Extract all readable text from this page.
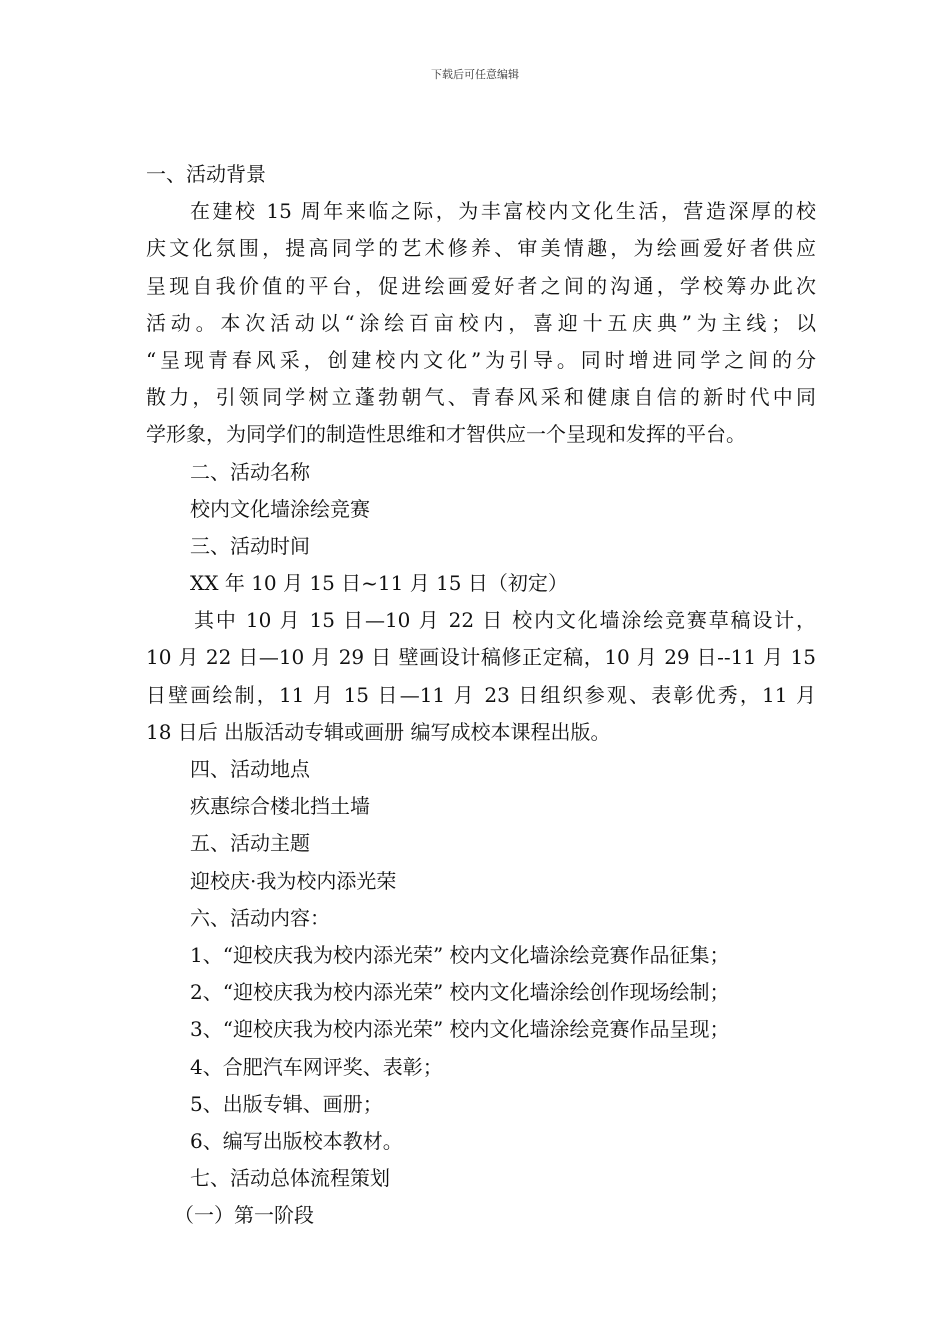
下载后可任意编辑
一、活动背景
在建校 15 周年来临之际，为丰富校内文化生活，营造深厚的校
庆文化氛围，提高同学的艺术修养、审美情趣，为绘画爱好者供应
呈现自我价值的平台，促进绘画爱好者之间的沟通，学校筹办此次
活动。本次活动以“涂绘百亩校内，喜迎十五庆典”为主线；以
“呈现青春风采，创建校内文化”为引导。同时增进同学之间的分
散力，引领同学树立蓬勃朝气、青春风采和健康自信的新时代中同
学形象，为同学们的制造性思维和才智供应一个呈现和发挥的平台。
二、活动名称
校内文化墙涂绘竞赛
三、活动时间
XX 年 10 月 15 日~11 月 15 日（初定）
其中 10 月 15 日—10 月 22 日 校内文化墙涂绘竞赛草稿设计，
10 月 22 日—10 月 29 日 壁画设计稿修正定稿，10 月 29 日--11 月 15
日壁画绘制，11 月 15 日—11 月 23 日组织参观、表彰优秀，11 月
18 日后 出版活动专辑或画册 编写成校本课程出版。
四、活动地点
疚惠综合楼北挡土墙
五、活动主题
迎校庆·我为校内添光荣
六、活动内容：
1、“迎校庆我为校内添光荣” 校内文化墙涂绘竞赛作品征集；
2、“迎校庆我为校内添光荣” 校内文化墙涂绘创作现场绘制；
3、“迎校庆我为校内添光荣” 校内文化墙涂绘竞赛作品呈现；
4、合肥汽车网评奖、表彰；
5、出版专辑、画册；
6、编写出版校本教材。
七、活动总体流程策划
（一）第一阶段
